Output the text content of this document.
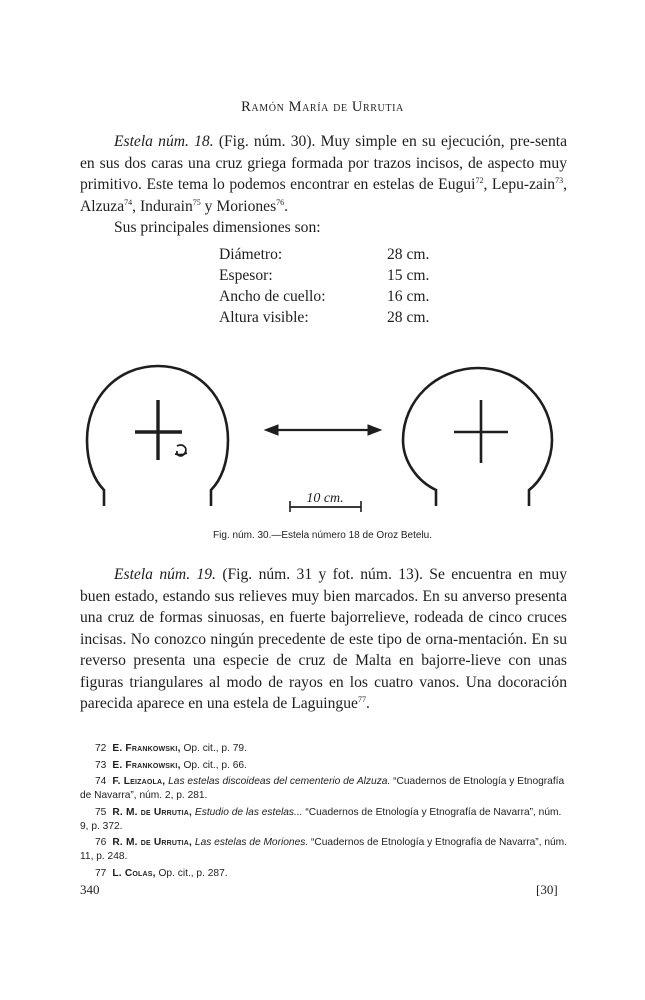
Ramón María de Urrutia

Estela núm. 18. (Fig. núm. 30). Muy simple en su ejecución, pre-senta en sus dos caras una cruz griega formada por trazos incisos, de aspecto muy primitivo. Este tema lo podemos encontrar en estelas de Eugui$^{72}$, Lepu-zain$^{73}$, Alzuza$^{74}$, Indurain$^{75}$ y Moriones$^{76}$.

Sus principales dimensiones son:
Diámetro:	28 cm.
Espesor:	15 cm.
Ancho de cuello:	16 cm.
Altura visible:	28 cm.
10 cm.
Fig. núm. 30.—Estela número 18 de Oroz Betelu.

Estela núm. 19. (Fig. núm. 31 y fot. núm. 13). Se encuentra en muy buen estado, estando sus relieves muy bien marcados. En su anverso presenta una cruz de formas sinuosas, en fuerte bajorrelieve, rodeada de cinco cruces incisas. No conozco ningún precedente de este tipo de orna-mentación. En su reverso presenta una especie de cruz de Malta en bajorre-lieve con unas figuras triangulares al modo de rayos en los cuatro vanos. Una docoración parecida aparece en una estela de Laguingue$^{77}$.

72 E. Frankowski, Op. cit., p. 79.

73 E. Frankowski, Op. cit., p. 66.

74 F. Leizaola, Las estelas discoideas del cementerio de Alzuza. “Cuadernos de Etnología y Etnografía de Navarra”, núm. 2, p. 281.

75 R. M. de Urrutia, Estudio de las estelas... “Cuadernos de Etnología y Etnografía de Navarra”, núm. 9, p. 372.

76 R. M. de Urrutia, Las estelas de Moriones. “Cuadernos de Etnología y Etnografía de Navarra”, núm. 11, p. 248.

77 L. Colas, Op. cit., p. 287.

340	[30]
